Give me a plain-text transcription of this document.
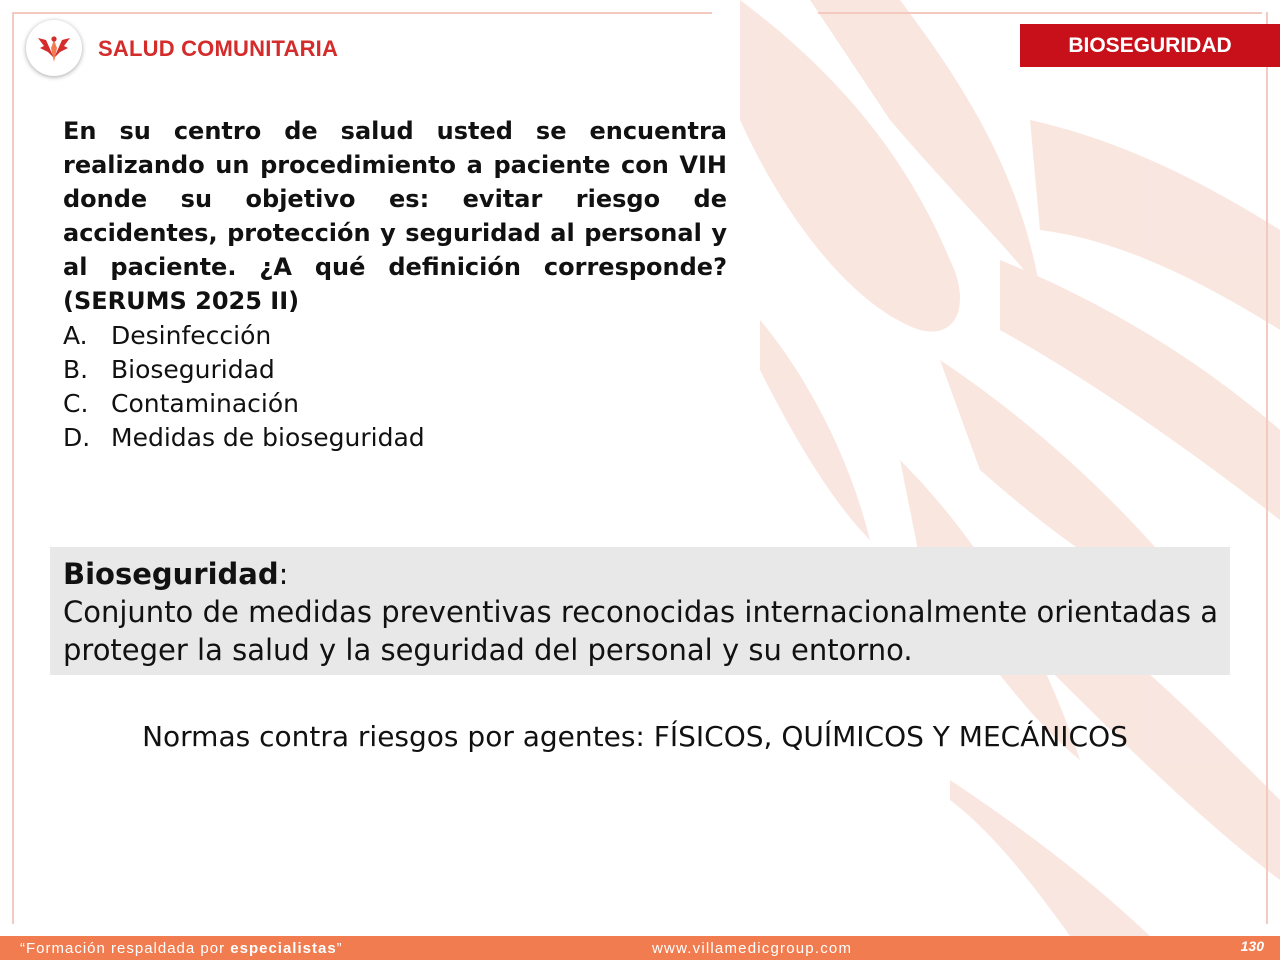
SALUD COMUNITARIA	BIOSEGURIDAD

En su centro de salud usted se encuentra realizando un procedimiento a paciente con VIH donde su objetivo es: evitar riesgo de accidentes, protección y seguridad al personal y al paciente. ¿A qué definición corresponde? (SERUMS 2025 II)

A. Desinfección
B. Bioseguridad
C. Contaminación
D. Medidas de bioseguridad
Bioseguridad:

Conjunto de medidas preventivas reconocidas internacionalmente orientadas a proteger la salud y la seguridad del personal y su entorno.

Normas contra riesgos por agentes: FÍSICOS, QUÍMICOS Y MECÁNICOS
“Formación respaldada por especialistas”	www.villamedicgroup.com	130
